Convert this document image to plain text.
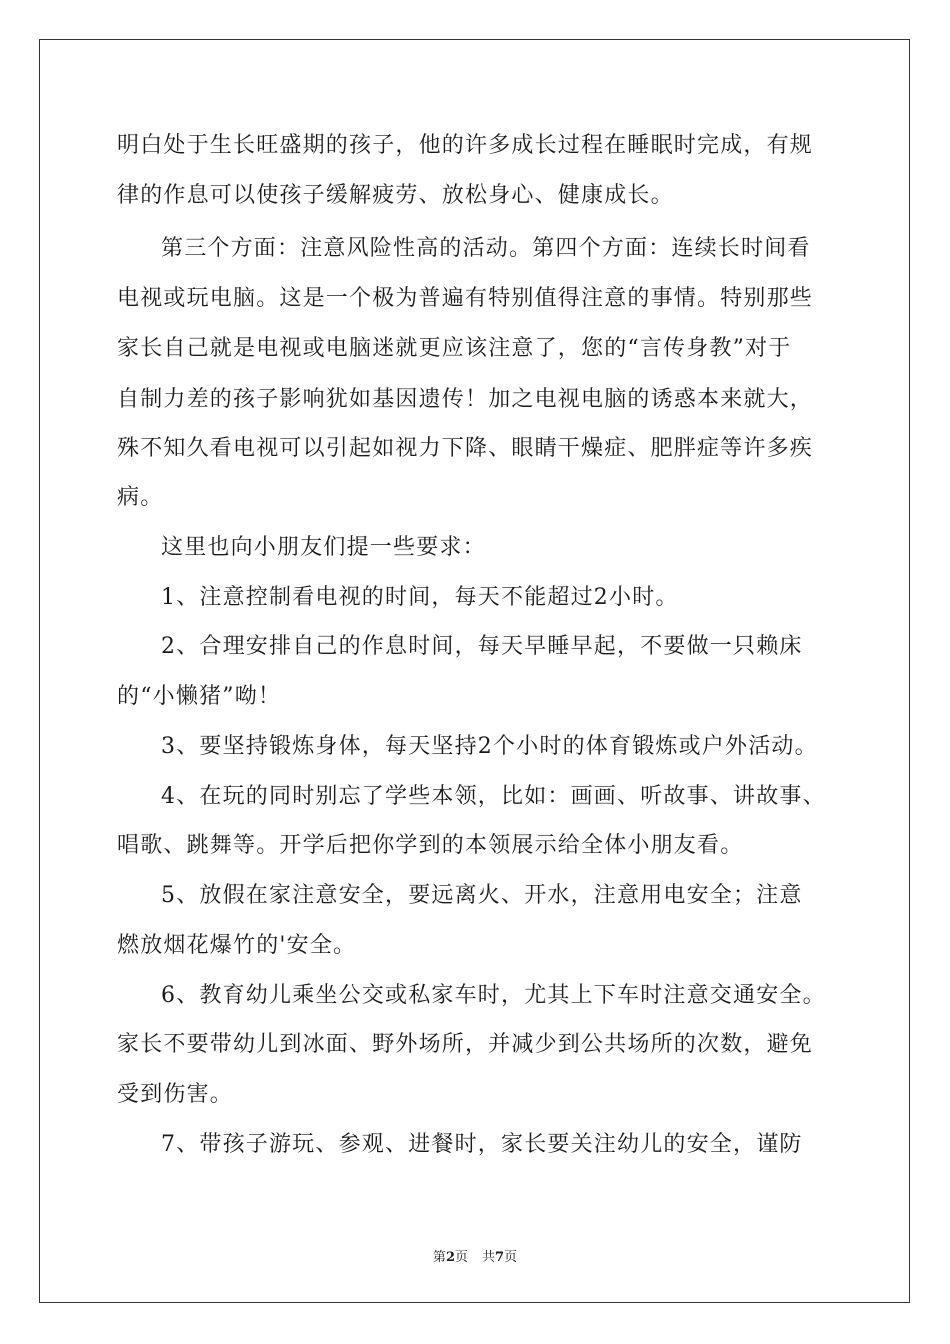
明白处于生长旺盛期的孩子，他的许多成长过程在睡眠时完成，有规
律的作息可以使孩子缓解疲劳、放松身心、健康成长。
第三个方面：注意风险性高的活动。第四个方面：连续长时间看
电视或玩电脑。这是一个极为普遍有特别值得注意的事情。特别那些
家长自己就是电视或电脑迷就更应该注意了，您的“言传身教”对于
自制力差的孩子影响犹如基因遗传！加之电视电脑的诱惑本来就大，
殊不知久看电视可以引起如视力下降、眼睛干燥症、肥胖症等许多疾
病。
这里也向小朋友们提一些要求：
1、注意控制看电视的时间，每天不能超过2小时。
2、合理安排自己的作息时间，每天早睡早起，不要做一只赖床
的“小懒猪”呦！
3、要坚持锻炼身体，每天坚持2个小时的体育锻炼或户外活动。
4、在玩的同时别忘了学些本领，比如：画画、听故事、讲故事、
唱歌、跳舞等。开学后把你学到的本领展示给全体小朋友看。
5、放假在家注意安全，要远离火、开水，注意用电安全；注意
燃放烟花爆竹的'安全。
6、教育幼儿乘坐公交或私家车时，尤其上下车时注意交通安全。
家长不要带幼儿到冰面、野外场所，并减少到公共场所的次数，避免
受到伤害。
7、带孩子游玩、参观、进餐时，家长要关注幼儿的安全，谨防
第2页 共7页
